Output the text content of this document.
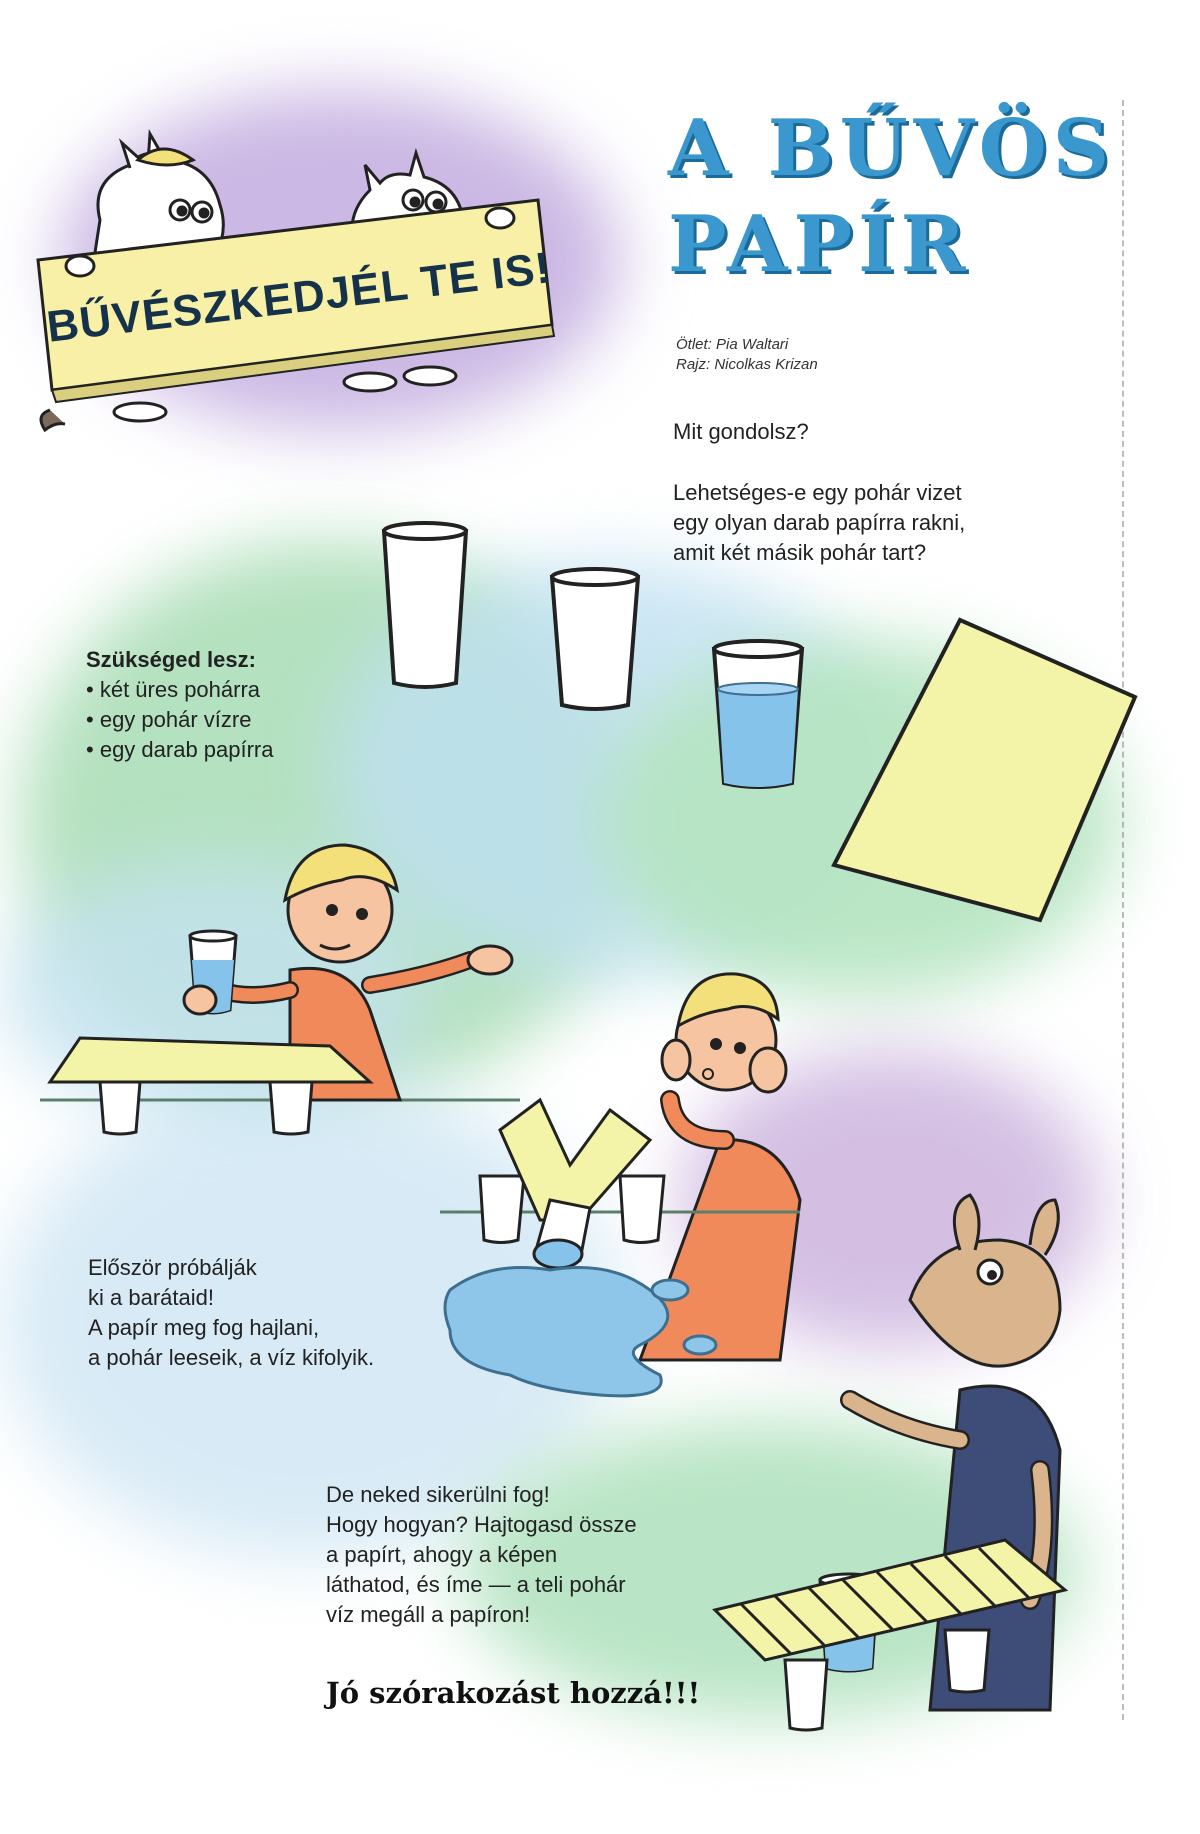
A BŰVÖS
PAPÍR
BŰVÉSZKEDJÉL TE IS!	Ötlet: Pia Waltari
Rajz: Nicolkas Krizan
Mit gondolsz?
Lehetséges-e egy pohár vizet
egy olyan darab papírra rakni,
amit két másik pohár tart?
Szükséged lesz:
• két üres pohárra
• egy pohár vízre
• egy darab papírra
Először próbálják
ki a barátaid!
A papír meg fog hajlani,
a pohár leeseik, a víz kifolyik.
De neked sikerülni fog!
Hogy hogyan? Hajtogasd össze
a papírt, ahogy a képen
láthatod, és íme — a teli pohár
víz megáll a papíron!
Jó szórakozást hozzá!!!
